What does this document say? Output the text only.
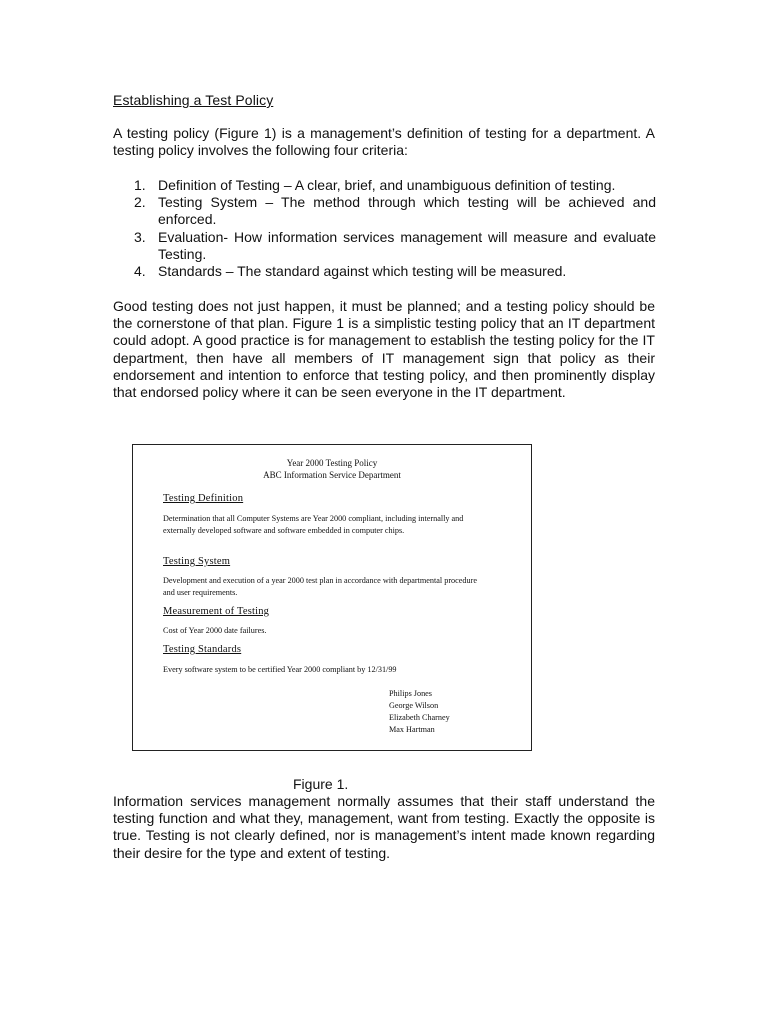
Establishing a Test Policy
A testing policy (Figure 1) is a management’s definition of testing for a department. A testing policy involves the following four criteria:
1. Definition of Testing – A clear, brief, and unambiguous definition of testing.
2. Testing System – The method through which testing will be achieved and enforced.
3. Evaluation- How information services management will measure and evaluate Testing.
4. Standards – The standard against which testing will be measured.
Good testing does not just happen, it must be planned; and a testing policy should be the cornerstone of that plan. Figure 1 is a simplistic testing policy that an IT department could adopt. A good practice is for management to establish the testing policy for the IT department, then have all members of IT management sign that policy as their endorsement and intention to enforce that testing policy, and then prominently display that endorsed policy where it can be seen everyone in the IT department.
Year 2000 Testing Policy
ABC Information Service Department
Testing Definition
Determination that all Computer Systems are Year 2000 compliant, including internally and externally developed software and software embedded in computer chips.
Testing System
Development and execution of a year 2000 test plan in accordance with departmental procedure and user requirements.
Measurement of Testing
Cost of Year 2000 date failures.
Testing Standards
Every software system to be certified Year 2000 compliant by 12/31/99
Philips Jones
George Wilson
Elizabeth Charney
Max Hartman
Figure 1.
Information services management normally assumes that their staff understand the testing function and what they, management, want from testing. Exactly the opposite is true. Testing is not clearly defined, nor is management’s intent made known regarding their desire for the type and extent of testing.
